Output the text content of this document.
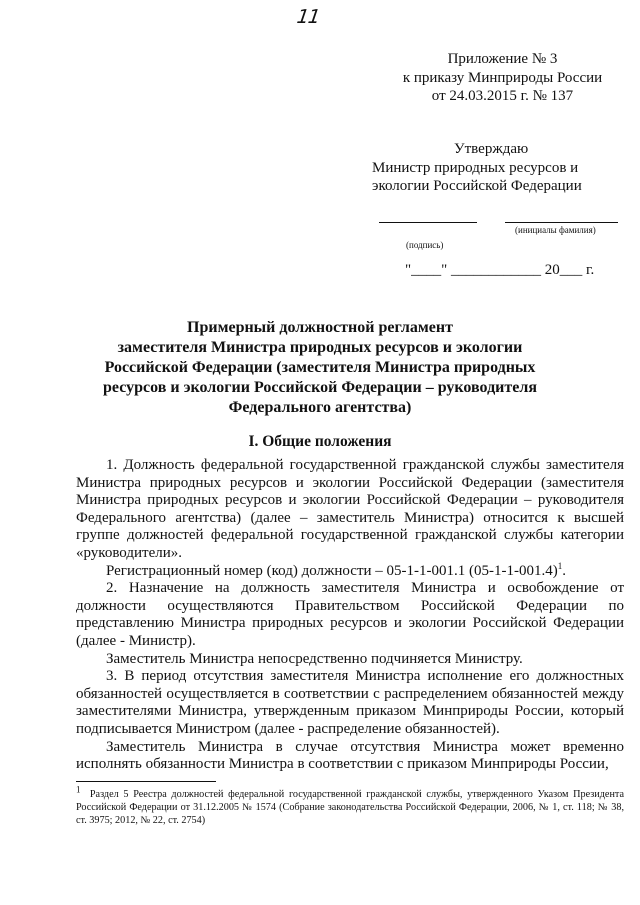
11
Приложение № 3
к приказу Минприроды России
от 24.03.2015 г. № 137
Утверждаю
Министр природных ресурсов и
экологии Российской Федерации
(инициалы фамилия)
(подпись)
"____" ____________ 20___ г.
Примерный должностной регламент
заместителя Министра природных ресурсов и экологии
Российской Федерации (заместителя Министра природных
ресурсов и экологии Российской Федерации – руководителя
Федерального агентства)
I. Общие положения

1. Должность федеральной государственной гражданской службы заместителя Министра природных ресурсов и экологии Российской Федерации (заместителя Министра природных ресурсов и экологии Российской Федерации – руководителя Федерального агентства) (далее – заместитель Министра) относится к высшей группе должностей федеральной государственной гражданской службы категории «руководители».

Регистрационный номер (код) должности – 05-1-1-001.1 $(05-1-1-001.4)^1$.

2. Назначение на должность заместителя Министра и освобождение от должности осуществляются Правительством Российской Федерации по представлению Министра природных ресурсов и экологии Российской Федерации (далее - Министр).

Заместитель Министра непосредственно подчиняется Министру.

3. В период отсутствия заместителя Министра исполнение его должностных обязанностей осуществляется в соответствии с распределением обязанностей между заместителями Министра, утвержденным приказом Минприроды России, который подписывается Министром (далее - распределение обязанностей).

Заместитель Министра в случае отсутствия Министра может временно исполнять обязанности Министра в соответствии с приказом Минприроды России,

$^1$ Раздел 5 Реестра должностей федеральной государственной гражданской службы, утвержденного Указом Президента Российской Федерации от 31.12.2005 № 1574 (Собрание законодательства Российской Федерации, 2006, № 1, ст. 118; № 38, ст. 3975; 2012, № 22, ст. 2754)
